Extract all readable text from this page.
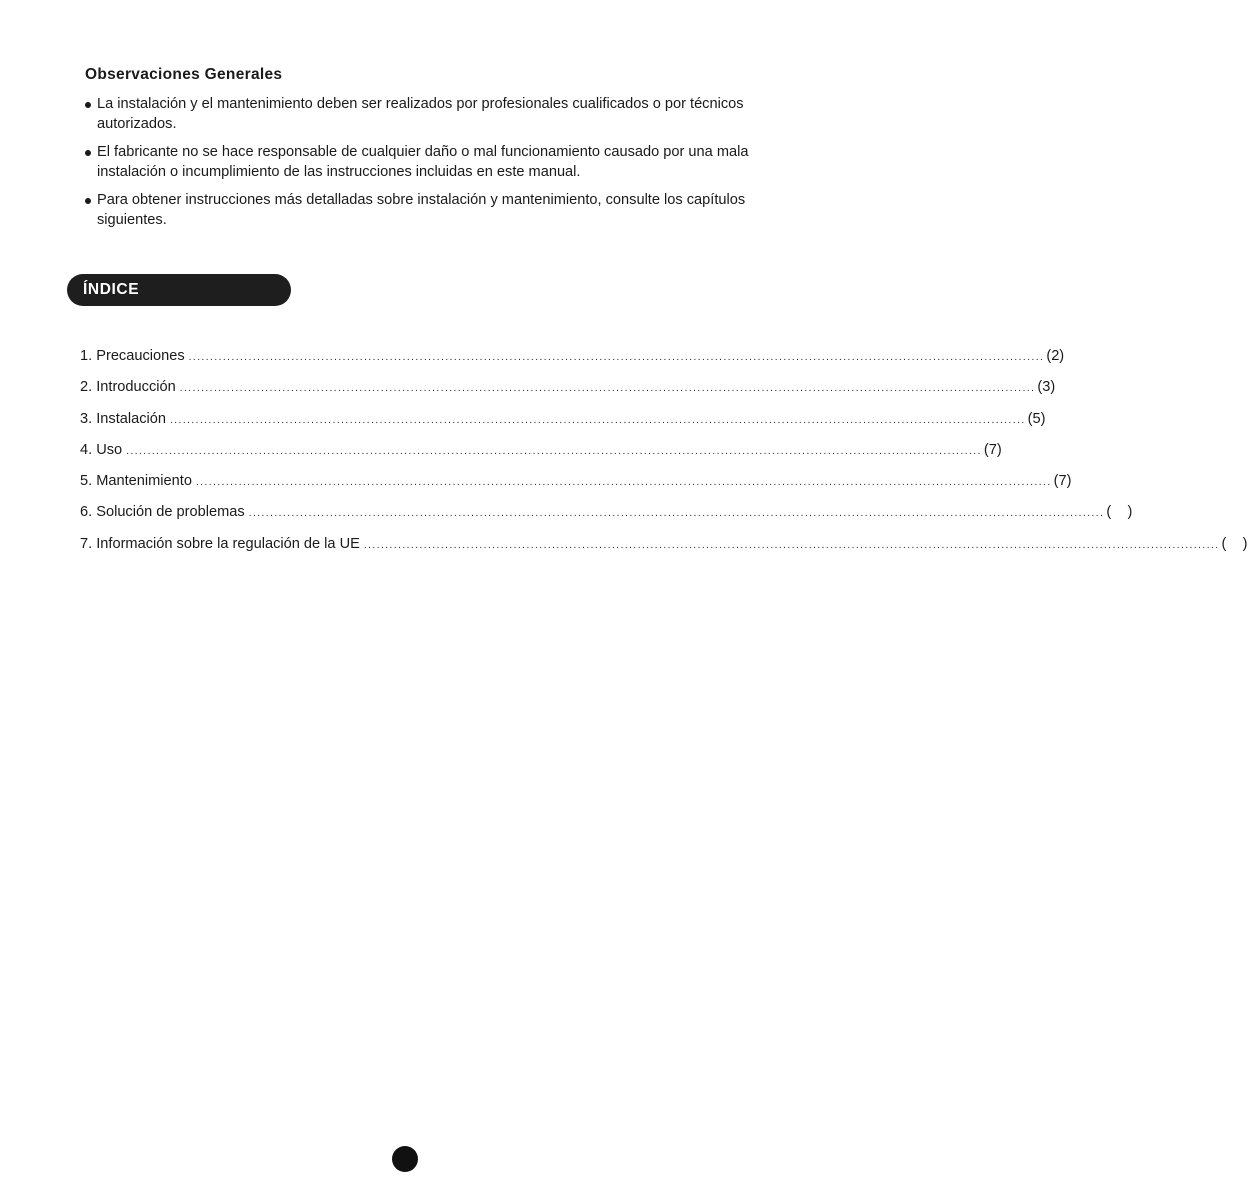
Observaciones Generales
La instalación y el mantenimiento deben ser realizados por profesionales cualificados o por técnicos autorizados.
El fabricante no se hace responsable de cualquier daño o mal funcionamiento causado por una mala instalación o incumplimiento de las instrucciones incluidas en este manual.
Para obtener instrucciones más detalladas sobre instalación y mantenimiento, consulte los capítulos siguientes.
ÍNDICE
1. Precauciones ........................................................................................................................................................................................................ (2)
2. Introducción ........................................................................................................................................................................................................ (3)
3. Instalación ........................................................................................................................................................................................................ (5)
4. Uso ........................................................................................................................................................................................................ (7)
5. Mantenimiento ........................................................................................................................................................................................................ (7)
6. Solución de problemas ........................................................................................................................................................................................................ (    )
7. Información sobre la regulación de la UE ........................................................................................................................................................................................................ (    )
